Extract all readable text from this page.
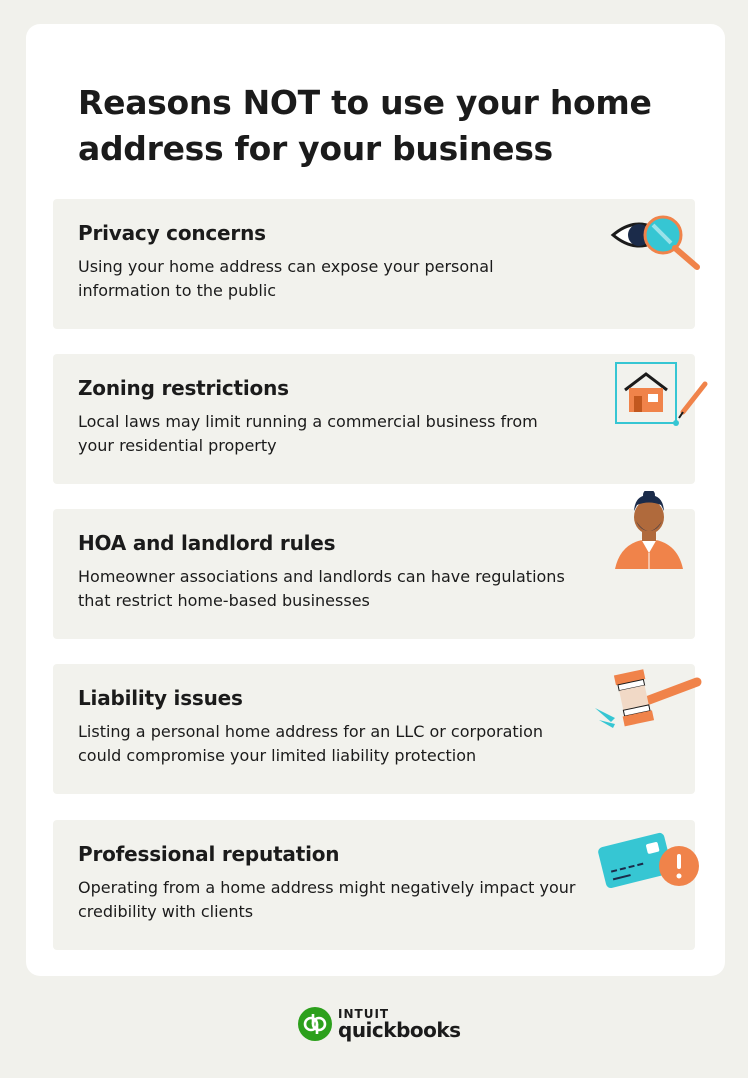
Reasons NOT to use your home address for your business
Privacy concerns

Using your home address can expose your personal information to the public

Zoning restrictions

Local laws may limit running a commercial business from your residential property

HOA and landlord rules

Homeowner associations and landlords can have regulations that restrict home-based businesses

Liability issues

Listing a personal home address for an LLC or corporation could compromise your limited liability protection

Professional reputation

Operating from a home address might negatively impact your credibility with clients

INTUIT
quickbooks
